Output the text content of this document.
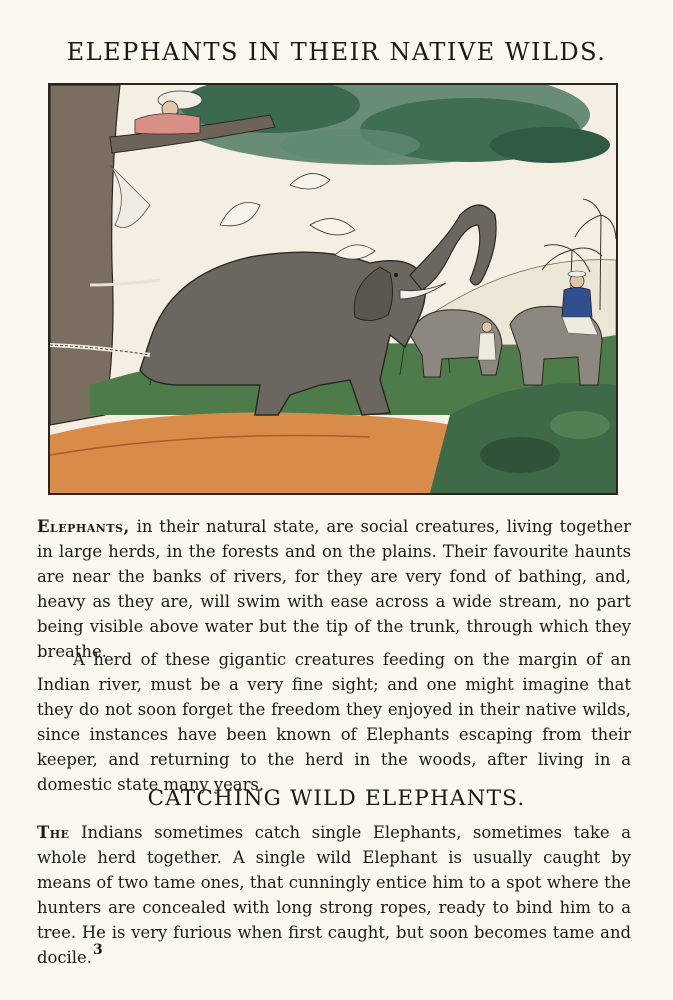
ELEPHANTS IN THEIR NATIVE WILDS.

Elephants, in their natural state, are social creatures, living together in large herds, in the forests and on the plains. Their favourite haunts are near the banks of rivers, for they are very fond of bathing, and, heavy as they are, will swim with ease across a wide stream, no part being visible above water but the tip of the trunk, through which they breathe.

A herd of these gigantic creatures feeding on the margin of an Indian river, must be a very fine sight; and one might imagine that they do not soon forget the freedom they enjoyed in their native wilds, since instances have been known of Elephants escaping from their keeper, and returning to the herd in the woods, after living in a domestic state many years.

CATCHING WILD ELEPHANTS.

The Indians sometimes catch single Elephants, sometimes take a whole herd together. A single wild Elephant is usually caught by means of two tame ones, that cunningly entice him to a spot where the hunters are concealed with long strong ropes, ready to bind him to a tree. He is very furious when first caught, but soon becomes tame and docile. 3
